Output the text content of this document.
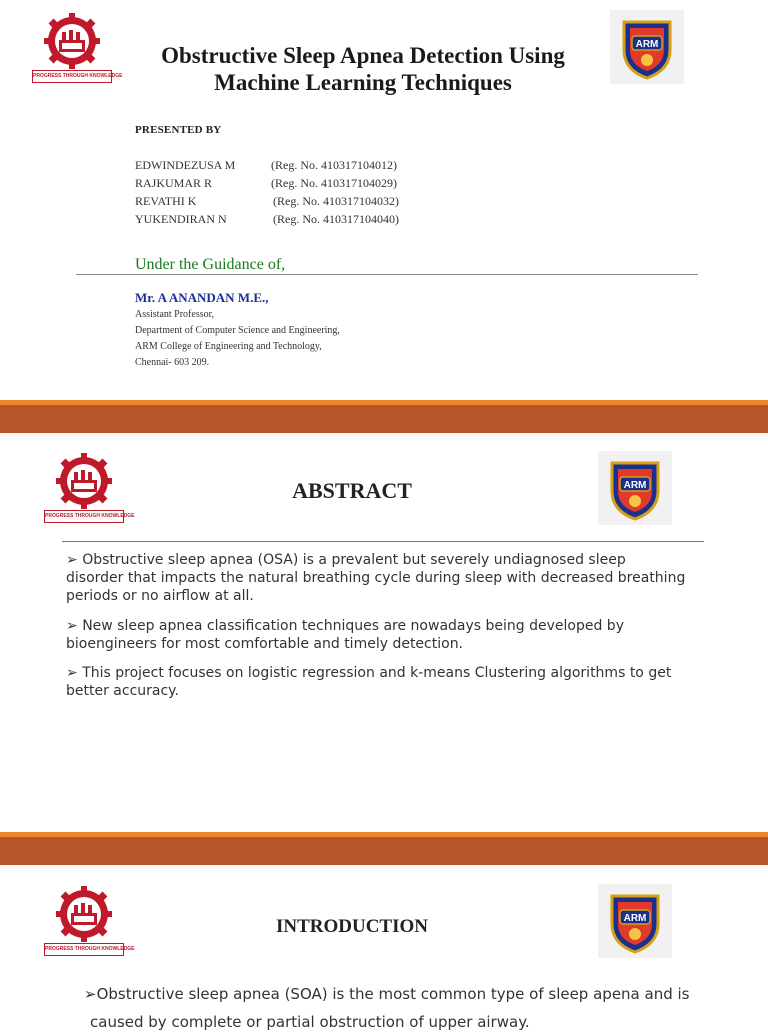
PROGRESS THROUGH KNOWLEDGE
ARM
Obstructive Sleep Apnea Detection Using
Machine Learning Techniques
PRESENTED BY
EDWINDEZUSA M	(Reg. No. 410317104012)
RAJKUMAR R	(Reg. No. 410317104029)
REVATHI K	(Reg. No. 410317104032)
YUKENDIRAN N	(Reg. No. 410317104040)
Under the Guidance of,
Mr. A ANANDAN M.E.,
Assistant Professor,
Department of Computer Science and Engineering,
ARM College of Engineering and Technology,
Chennai- 603 209.
PROGRESS THROUGH KNOWLEDGE
ARM
ABSTRACT
➢ Obstructive sleep apnea (OSA) is a prevalent but severely undiagnosed sleep disorder that impacts the natural breathing cycle during sleep with decreased breathing periods or no airflow at all.
➢ New sleep apnea classification techniques are nowadays being developed by bioengineers for most comfortable and timely detection.
➢ This project focuses on logistic regression and k-means Clustering algorithms to get better accuracy.
PROGRESS THROUGH KNOWLEDGE
ARM
INTRODUCTION
➢Obstructive sleep apnea (SOA) is the most common type of sleep apena and is
caused by complete or partial obstruction of upper airway.
